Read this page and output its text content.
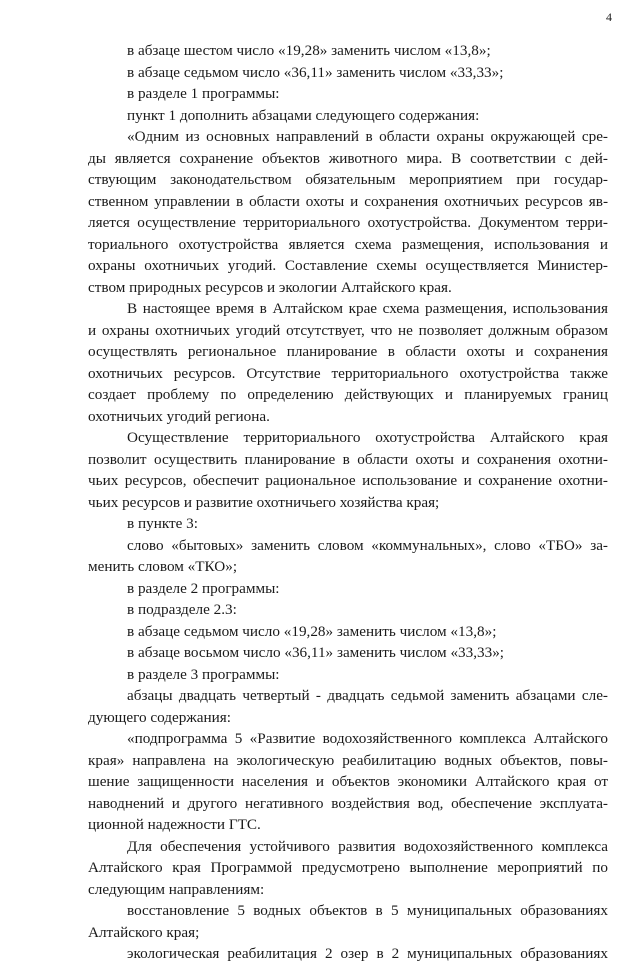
4
в абзаце шестом число «19,28» заменить числом «13,8»;
в абзаце седьмом число «36,11» заменить числом «33,33»;
в разделе 1 программы:
пункт 1 дополнить абзацами следующего содержания:
«Одним из основных направлений в области охраны окружающей сре-
ды является сохранение объектов животного мира. В соответствии с дей-
ствующим законодательством обязательным мероприятием при государ-
ственном управлении в области охоты и сохранения охотничьих ресурсов яв-
ляется осуществление территориального охотустройства. Документом терри-
ториального охотустройства является схема размещения, использования и
охраны охотничьих угодий. Составление схемы осуществляется Министер-
ством природных ресурсов и экологии Алтайского края.
В настоящее время в Алтайском крае схема размещения, использования
и охраны охотничьих угодий отсутствует, что не позволяет должным образом
осуществлять региональное планирование в области охоты и сохранения
охотничьих ресурсов. Отсутствие территориального охотустройства также
создает проблему по определению действующих и планируемых границ
охотничьих угодий региона.
Осуществление территориального охотустройства Алтайского края
позволит осуществить планирование в области охоты и сохранения охотни-
чьих ресурсов, обеспечит рациональное использование и сохранение охотни-
чьих ресурсов и развитие охотничьего хозяйства края;
в пункте 3:
слово «бытовых» заменить словом «коммунальных», слово «ТБО» за-
менить словом «ТКО»;
в разделе 2 программы:
в подразделе 2.3:
в абзаце седьмом число «19,28» заменить числом «13,8»;
в абзаце восьмом число «36,11» заменить числом «33,33»;
в разделе 3 программы:
абзацы двадцать четвертый - двадцать седьмой заменить абзацами сле-
дующего содержания:
«подпрограмма 5 «Развитие водохозяйственного комплекса Алтайского
края» направлена на экологическую реабилитацию водных объектов, повы-
шение защищенности населения и объектов экономики Алтайского края от
наводнений и другого негативного воздействия вод, обеспечение эксплуата-
ционной надежности ГТС.
Для обеспечения устойчивого развития водохозяйственного комплекса
Алтайского края Программой предусмотрено выполнение мероприятий по
следующим направлениям:
восстановление 5 водных объектов в 5 муниципальных образованиях
Алтайского края;
экологическая реабилитация 2 озер в 2 муниципальных образованиях
